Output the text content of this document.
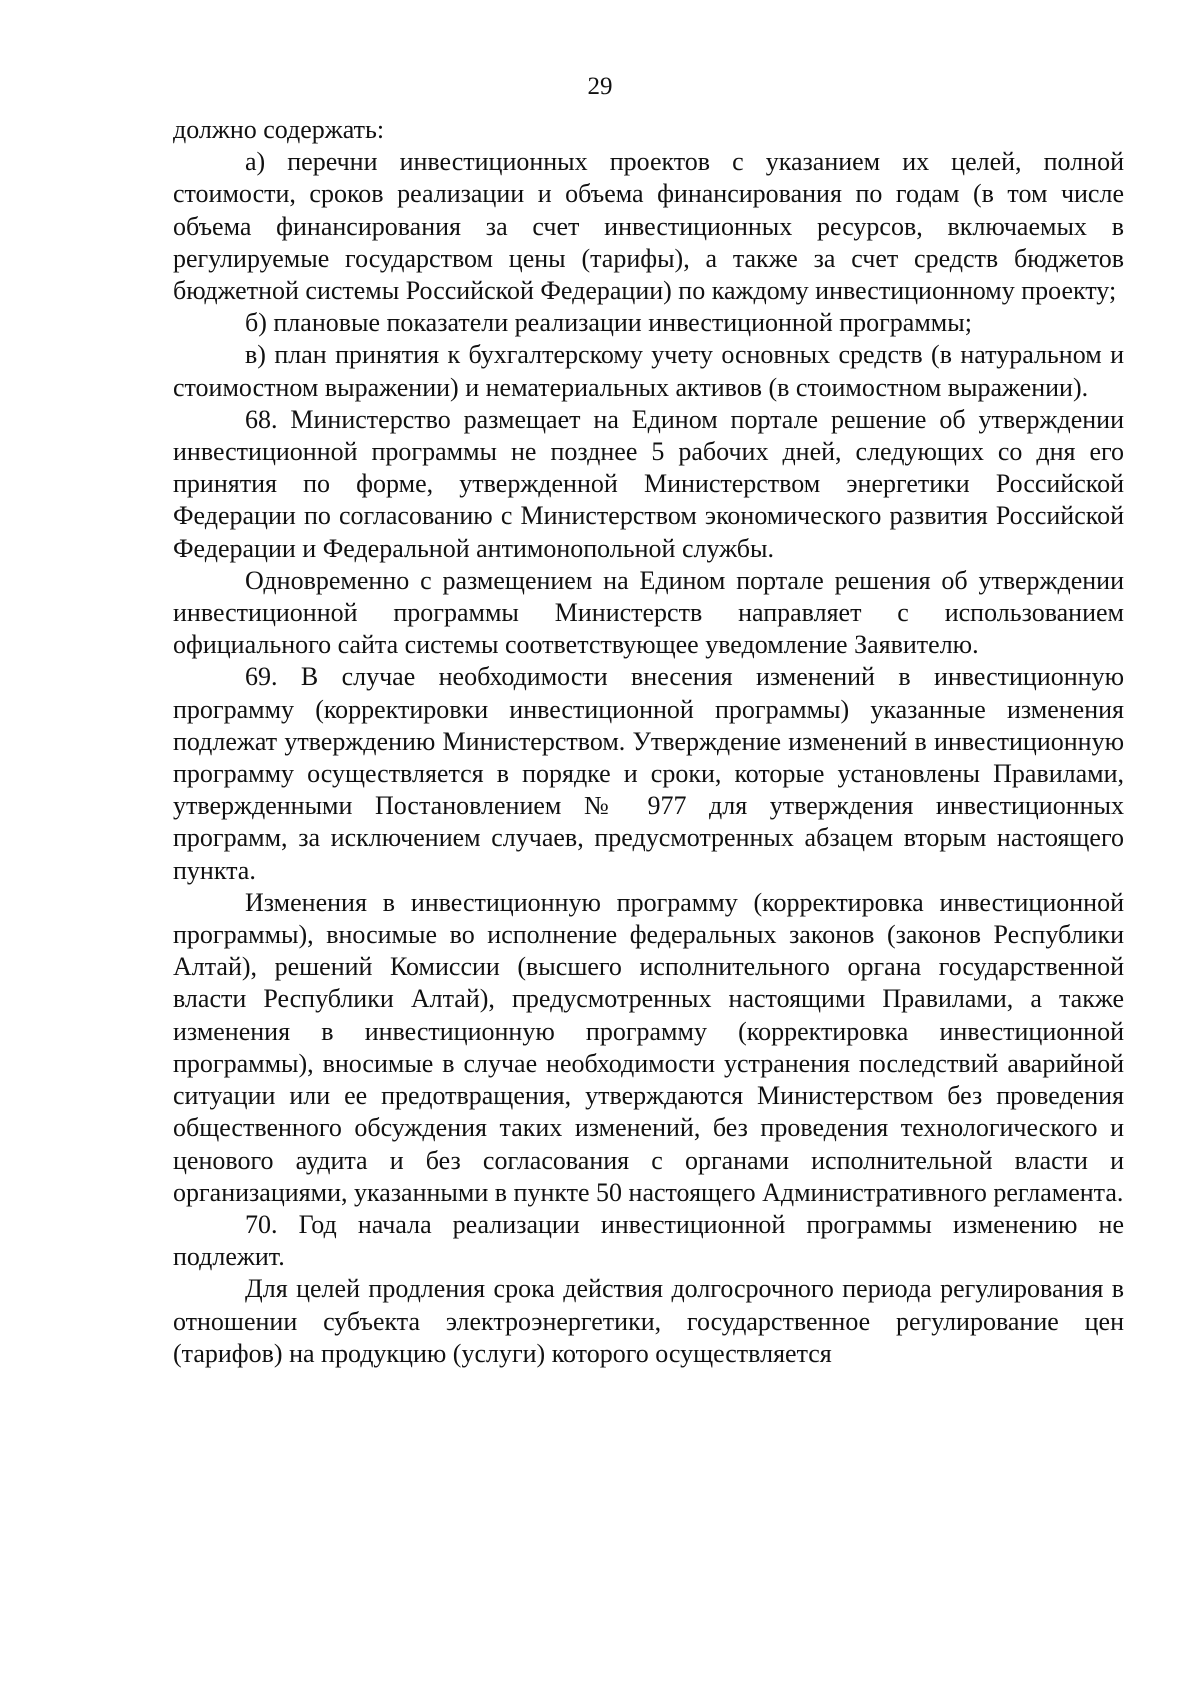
29

должно содержать:

а) перечни инвестиционных проектов с указанием их целей, полной стоимости, сроков реализации и объема финансирования по годам (в том числе объема финансирования за счет инвестиционных ресурсов, включаемых в регулируемые государством цены (тарифы), а также за счет средств бюджетов бюджетной системы Российской Федерации) по каждому инвестиционному проекту;

б) плановые показатели реализации инвестиционной программы;

в) план принятия к бухгалтерскому учету основных средств (в натуральном и стоимостном выражении) и нематериальных активов (в стоимостном выражении).

68. Министерство размещает на Едином портале решение об утверждении инвестиционной программы не позднее 5 рабочих дней, следующих со дня его принятия по форме, утвержденной Министерством энергетики Российской Федерации по согласованию с Министерством экономического развития Российской Федерации и Федеральной антимонопольной службы.

Одновременно с размещением на Едином портале решения об утверждении инвестиционной программы Министерств направляет с использованием официального сайта системы соответствующее уведомление Заявителю.

69. В случае необходимости внесения изменений в инвестиционную программу (корректировки инвестиционной программы) указанные изменения подлежат утверждению Министерством. Утверждение изменений в инвестиционную программу осуществляется в порядке и сроки, которые установлены Правилами, утвержденными Постановлением № 977 для утверждения инвестиционных программ, за исключением случаев, предусмотренных абзацем вторым настоящего пункта.

Изменения в инвестиционную программу (корректировка инвестиционной программы), вносимые во исполнение федеральных законов (законов Республики Алтай), решений Комиссии (высшего исполнительного органа государственной власти Республики Алтай), предусмотренных настоящими Правилами, а также изменения в инвестиционную программу (корректировка инвестиционной программы), вносимые в случае необходимости устранения последствий аварийной ситуации или ее предотвращения, утверждаются Министерством без проведения общественного обсуждения таких изменений, без проведения технологического и ценового аудита и без согласования с органами исполнительной власти и организациями, указанными в пункте 50 настоящего Административного регламента.

70. Год начала реализации инвестиционной программы изменению не подлежит.

Для целей продления срока действия долгосрочного периода регулирования в отношении субъекта электроэнергетики, государственное регулирование цен (тарифов) на продукцию (услуги) которого осуществляется
